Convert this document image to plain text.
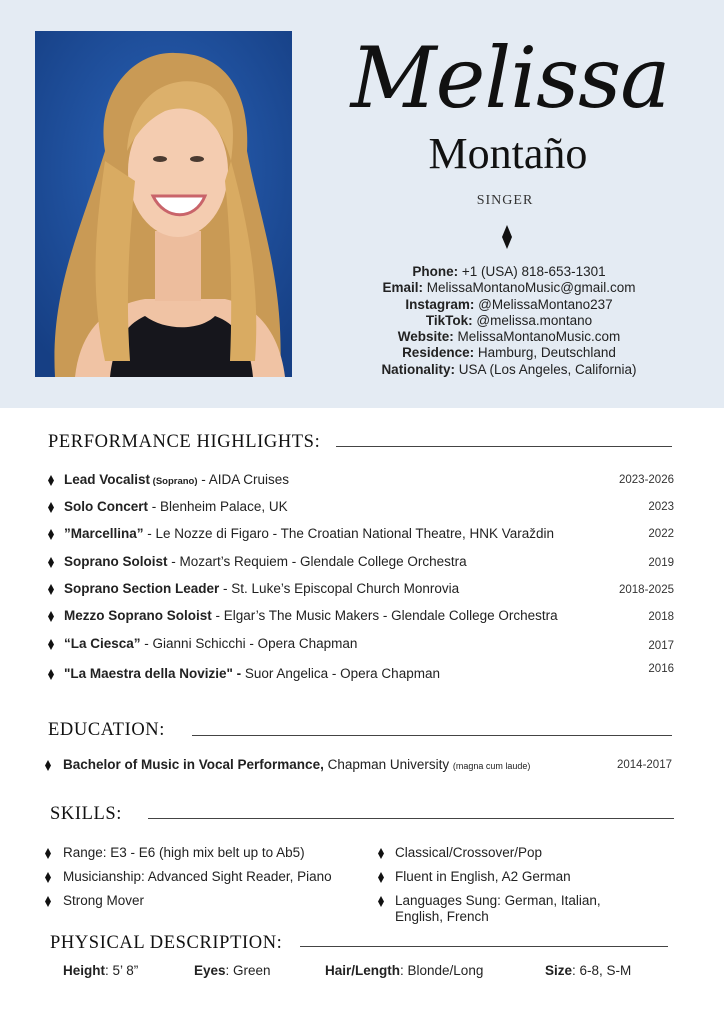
Melissa
Montaño
SINGER
Phone: +1 (USA) 818-653-1301
Email: MelissaMontanoMusic@gmail.com
Instagram: @MelissaMontano237
TikTok: @melissa.montano
Website: MelissaMontanoMusic.com
Residence: Hamburg, Deutschland
Nationality: USA (Los Angeles, California)
PERFORMANCE HIGHLIGHTS:
Lead Vocalist (Soprano) - AIDA Cruises	2023-2026
Solo Concert - Blenheim Palace, UK	2023
”Marcellina” - Le Nozze di Figaro - The Croatian National Theatre, HNK Varaždin	2022
Soprano Soloist - Mozart’s Requiem - Glendale College Orchestra	2019
Soprano Section Leader - St. Luke’s Episcopal Church Monrovia	2018-2025
Mezzo Soprano Soloist - Elgar’s The Music Makers - Glendale College Orchestra	2018
“La Ciesca” - Gianni Schicchi - Opera Chapman	2017
"La Maestra della Novizie" - Suor Angelica - Opera Chapman	2016
EDUCATION:
Bachelor of Music in Vocal Performance, Chapman University (magna cum laude)	2014-2017
SKILLS:
Range: E3 - E6 (high mix belt up to Ab5)
Musicianship: Advanced Sight Reader, Piano
Strong Mover
Classical/Crossover/Pop
Fluent in English, A2 German
Languages Sung: German, Italian,
English, French
PHYSICAL DESCRIPTION:
Height: 5’ 8”	Eyes: Green	Hair/Length: Blonde/Long	Size: 6-8, S-M
